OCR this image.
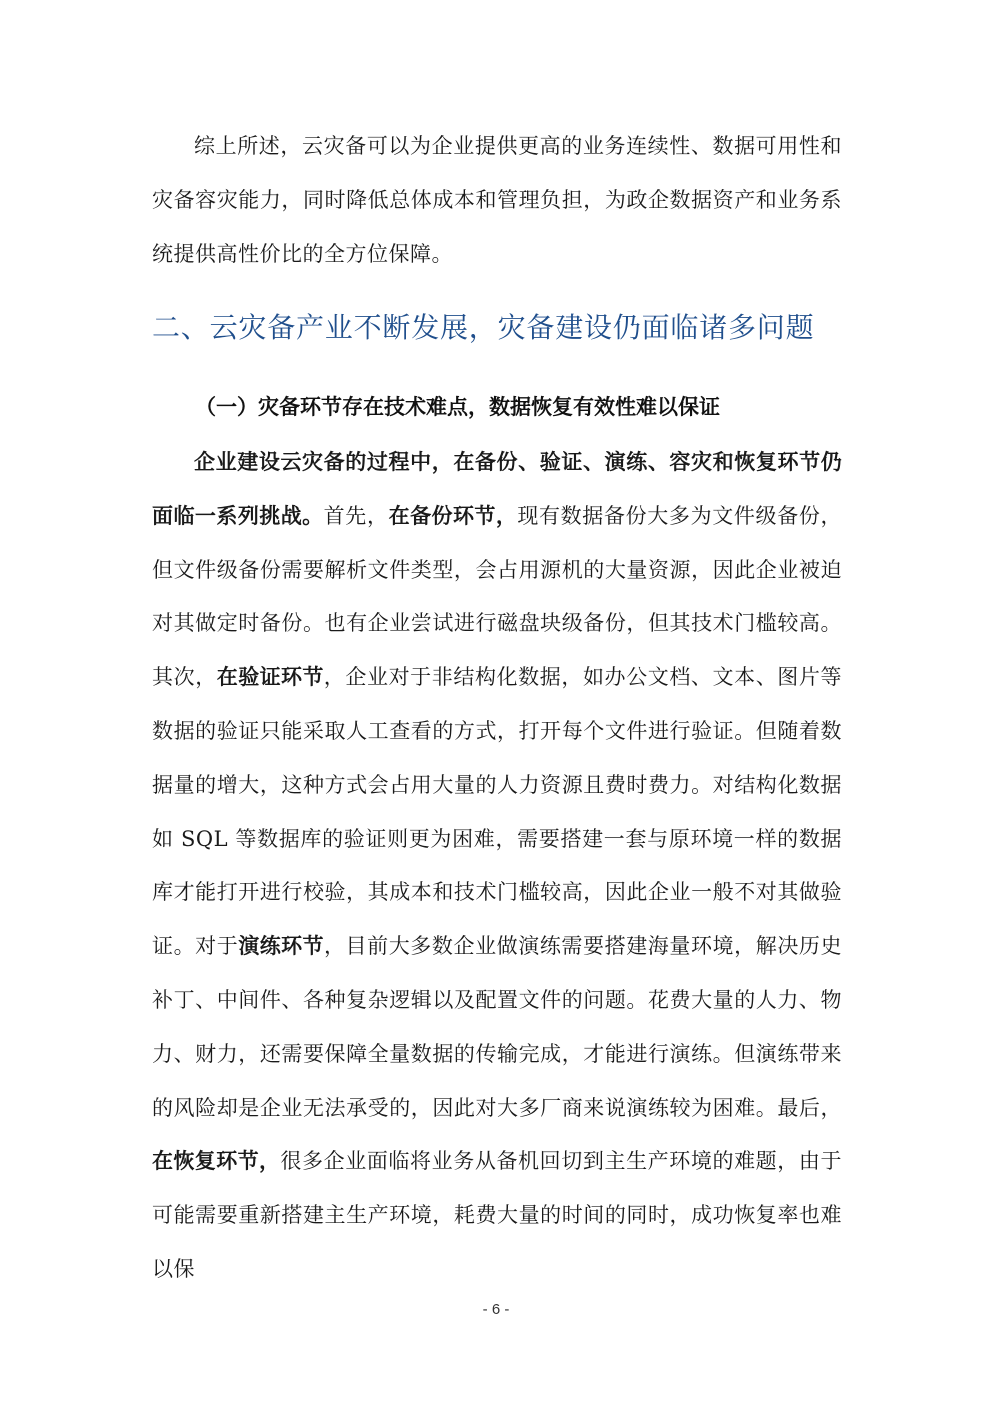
综上所述，云灾备可以为企业提供更高的业务连续性、数据可用性和灾备容灾能力，同时降低总体成本和管理负担，为政企数据资产和业务系统提供高性价比的全方位保障。

二、云灾备产业不断发展，灾备建设仍面临诸多问题
（一）灾备环节存在技术难点，数据恢复有效性难以保证

企业建设云灾备的过程中，在备份、验证、演练、容灾和恢复环节仍面临一系列挑战。首先，在备份环节，现有数据备份大多为文件级备份，但文件级备份需要解析文件类型，会占用源机的大量资源，因此企业被迫对其做定时备份。也有企业尝试进行磁盘块级备份，但其技术门槛较高。其次，在验证环节，企业对于非结构化数据，如办公文档、文本、图片等数据的验证只能采取人工查看的方式，打开每个文件进行验证。但随着数据量的增大，这种方式会占用大量的人力资源且费时费力。对结构化数据如 SQL 等数据库的验证则更为困难，需要搭建一套与原环境一样的数据库才能打开进行校验，其成本和技术门槛较高，因此企业一般不对其做验证。对于演练环节，目前大多数企业做演练需要搭建海量环境，解决历史补丁、中间件、各种复杂逻辑以及配置文件的问题。花费大量的人力、物力、财力，还需要保障全量数据的传输完成，才能进行演练。但演练带来的风险却是企业无法承受的，因此对大多厂商来说演练较为困难。最后，在恢复环节，很多企业面临将业务从备机回切到主生产环境的难题，由于可能需要重新搭建主生产环境，耗费大量的时间的同时，成功恢复率也难以保

- 6 -
